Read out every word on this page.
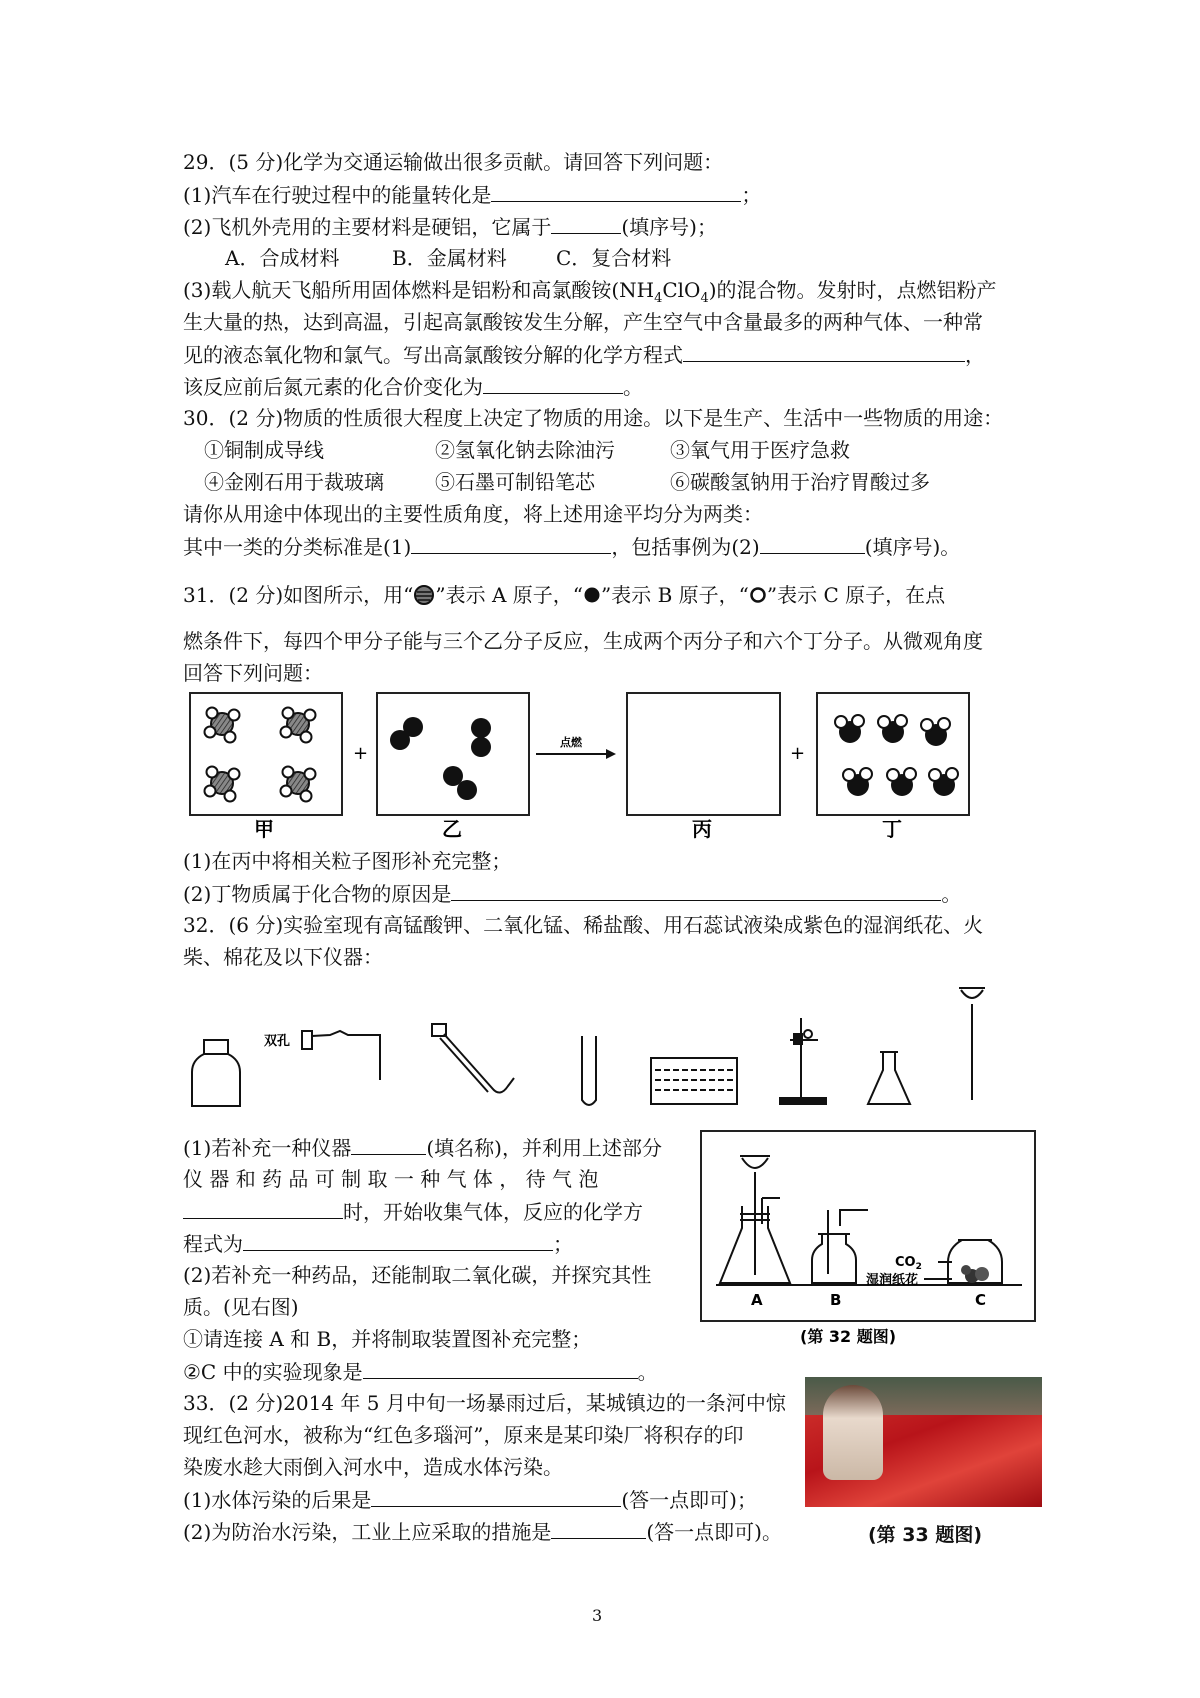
29．(5 分)化学为交通运输做出很多贡献。请回答下列问题：
(1)汽车在行驶过程中的能量转化是	；
(2)飞机外壳用的主要材料是硬铝，它属于	(填序号)；
A．合成材料	B．金属材料 C．复合材料
(3)载人航天飞船所用固体燃料是铝粉和高氯酸铵$(NH_4ClO_4)$的混合物。发射时，点燃铝粉产
生大量的热，达到高温，引起高氯酸铵发生分解，产生空气中含量最多的两种气体、一种常
见的液态氧化物和氯气。写出高氯酸铵分解的化学方程式	，
该反应前后氮元素的化合价变化为	。
30．(2 分)物质的性质很大程度上决定了物质的用途。以下是生产、生活中一些物质的用途：
①铜制成导线	②氢氧化钠去除油污	③氧气用于医疗急救
④金刚石用于裁玻璃	⑤石墨可制铅笔芯	⑥碳酸氢钠用于治疗胃酸过多
请你从用途中体现出的主要性质角度，将上述用途平均分为两类：
其中一类的分类标准是(1)	，包括事例为(2)	(填序号)。
31．(2 分)如图所示，用“ ”表示 A 原子，“ ”表示 B 原子，“ ”表示 C 原子，在点
燃条件下，每四个甲分子能与三个乙分子反应，生成两个丙分子和六个丁分子。从微观角度
回答下列问题：
+	+
点燃
甲	乙	丙	丁
(1)在丙中将相关粒子图形补充完整；
(2)丁物质属于化合物的原因是	。
32．(6 分)实验室现有高锰酸钾、二氧化锰、稀盐酸、用石蕊试液染成紫色的湿润纸花、火
柴、棉花及以下仪器：
双孔
(1)若补充一种仪器	(填名称)，并利用上述部分
仪 器 和 药 品 可 制 取 一 种 气 体 ， 待 气 泡
时，开始收集气体，反应的化学方
程式为	；
(2)若补充一种药品，还能制取二氧化碳，并探究其性
质。(见右图)
①请连接 A 和 B，并将制取装置图补充完整；
②C 中的实验现象是	。
$CO_2$
湿润纸花
A	B	C
(第 32 题图)
33．(2 分)2014 年 5 月中旬一场暴雨过后，某城镇边的一条河中惊
现红色河水，被称为“红色多瑙河”，原来是某印染厂将积存的印
染废水趁大雨倒入河水中，造成水体污染。
(1)水体污染的后果是	(答一点即可)；
(2)为防治水污染，工业上应采取的措施是	(答一点即可)。	(第 33 题图)
3
